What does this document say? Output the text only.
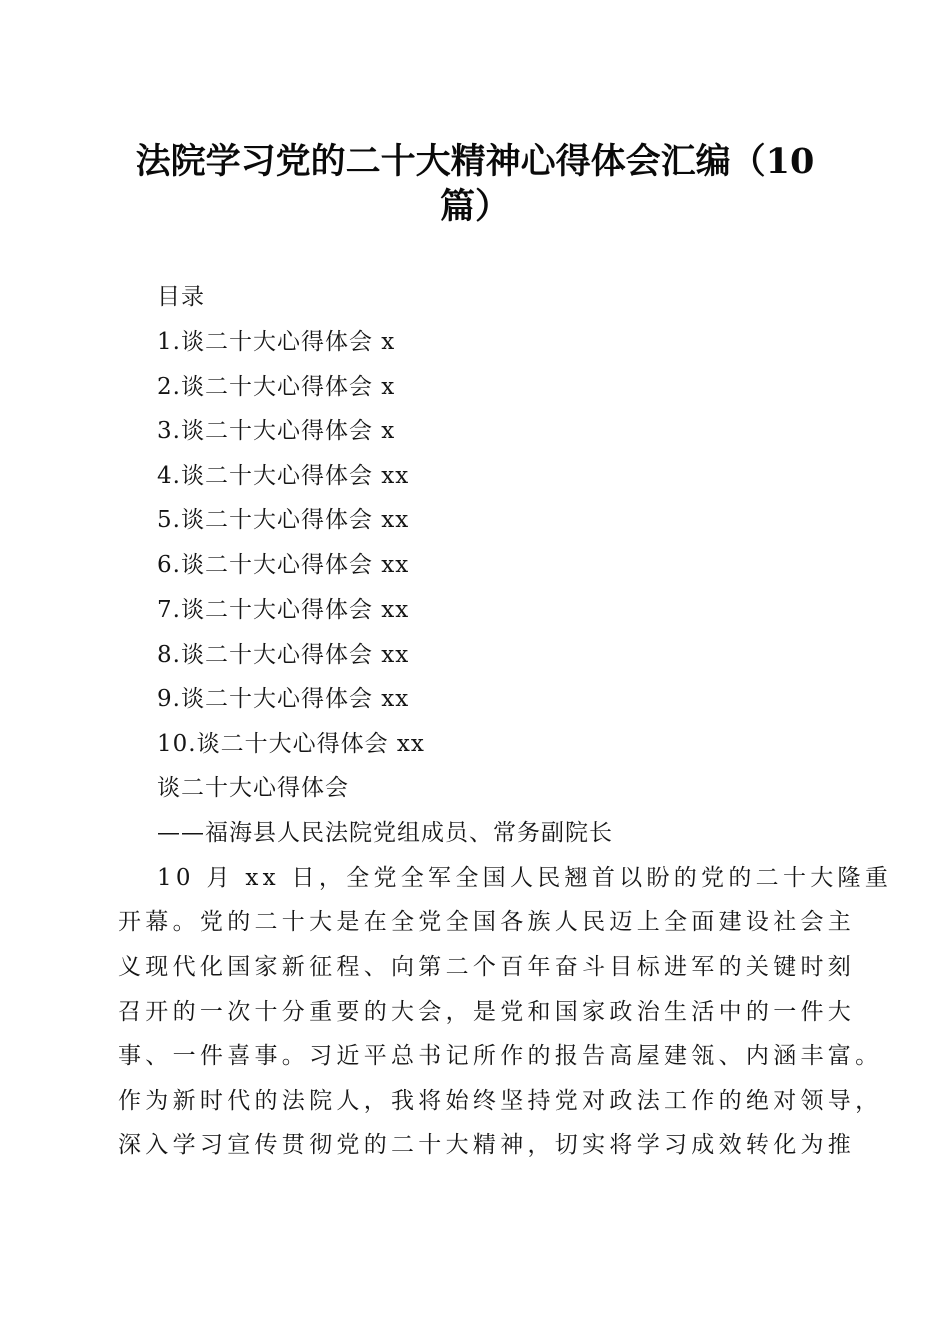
法院学习党的二十大精神心得体会汇编（10
篇）
目录
1.谈二十大心得体会 x
2.谈二十大心得体会 x
3.谈二十大心得体会 x
4.谈二十大心得体会 xx
5.谈二十大心得体会 xx
6.谈二十大心得体会 xx
7.谈二十大心得体会 xx
8.谈二十大心得体会 xx
9.谈二十大心得体会 xx
10.谈二十大心得体会 xx
谈二十大心得体会
——福海县人民法院党组成员、常务副院长
10 月 xx 日，全党全军全国人民翘首以盼的党的二十大隆重
开幕。党的二十大是在全党全国各族人民迈上全面建设社会主
义现代化国家新征程、向第二个百年奋斗目标进军的关键时刻
召开的一次十分重要的大会，是党和国家政治生活中的一件大
事、一件喜事。习近平总书记所作的报告高屋建瓴、内涵丰富。
作为新时代的法院人，我将始终坚持党对政法工作的绝对领导，
深入学习宣传贯彻党的二十大精神，切实将学习成效转化为推
